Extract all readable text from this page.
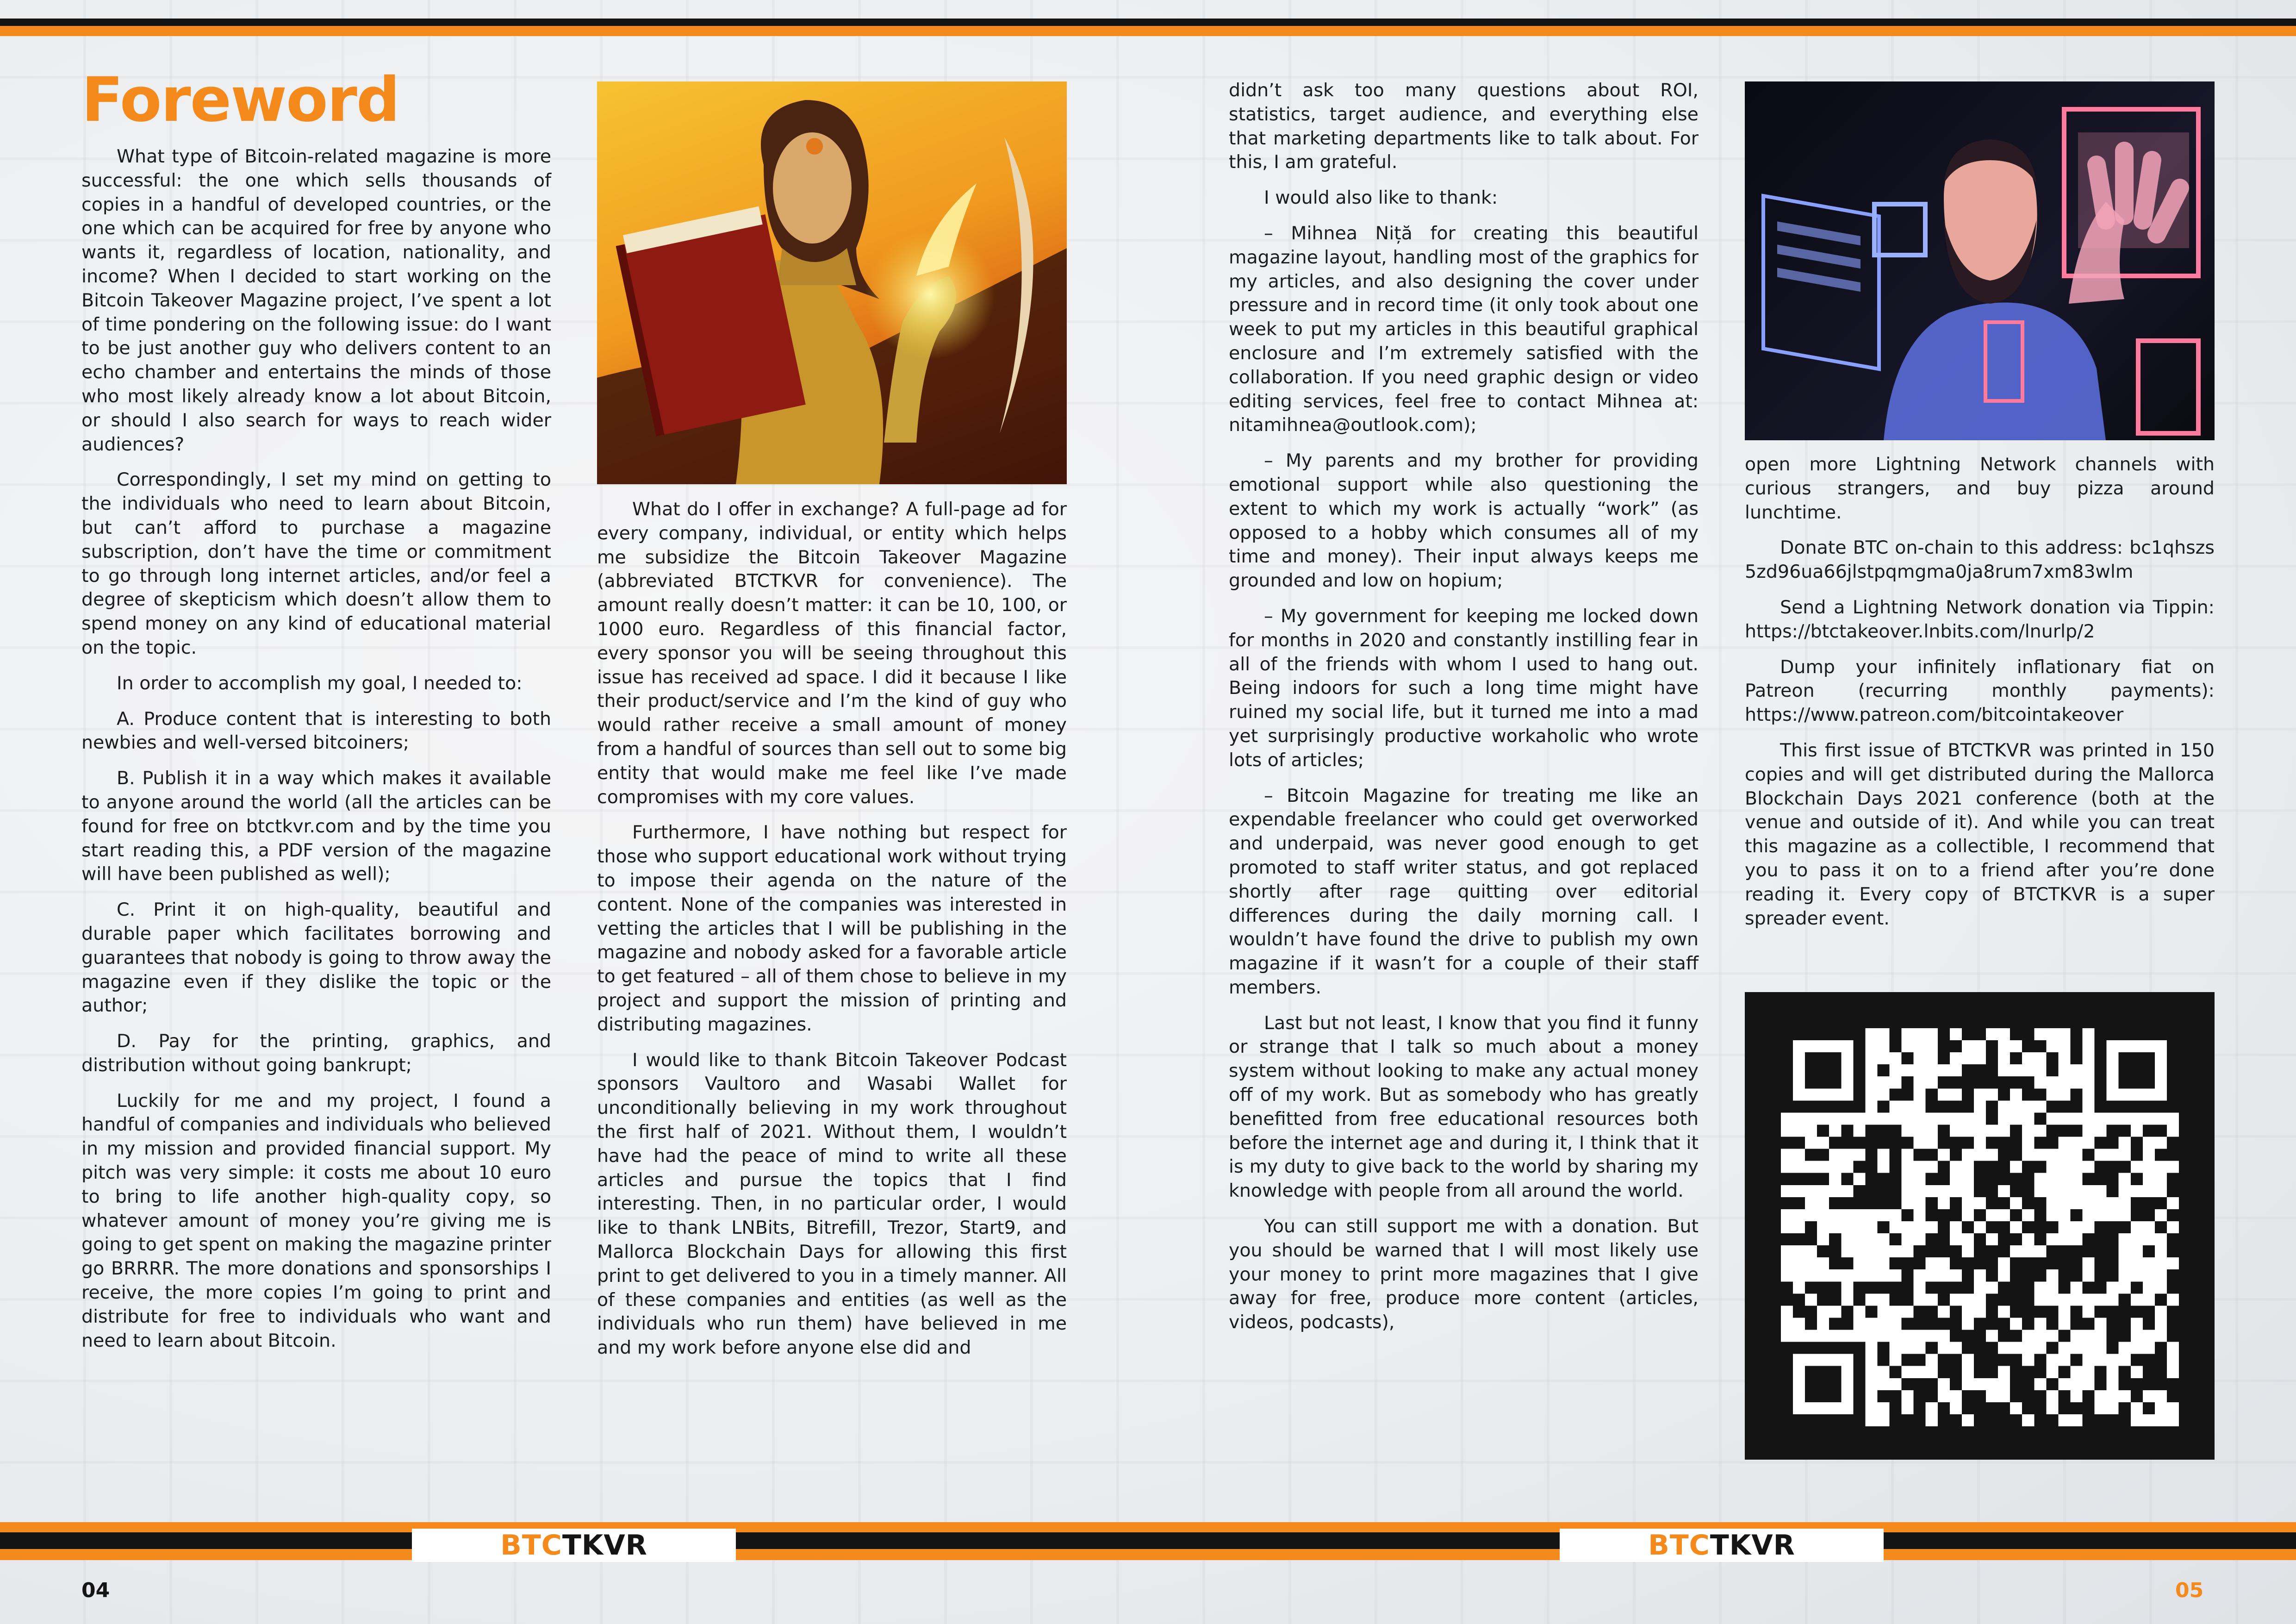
Foreword

What type of Bitcoin-related magazine is more successful: the one which sells thousands of copies in a handful of developed countries, or the one which can be acquired for free by anyone who wants it, regardless of location, nationality, and income? When I decided to start working on the Bitcoin Takeover Magazine project, I’ve spent a lot of time pondering on the following issue: do I want to be just another guy who delivers content to an echo chamber and entertains the minds of those who most likely already know a lot about Bitcoin, or should I also search for ways to reach wider audiences?

Correspondingly, I set my mind on getting to the individuals who need to learn about Bitcoin, but can’t afford to purchase a magazine subscription, don’t have the time or commitment to go through long internet articles, and/or feel a degree of skepticism which doesn’t allow them to spend money on any kind of educational material on the topic.

In order to accomplish my goal, I needed to:

A. Produce content that is interesting to both newbies and well-versed bitcoiners;

B. Publish it in a way which makes it available to anyone around the world (all the articles can be found for free on btctkvr.com and by the time you start reading this, a PDF version of the magazine will have been published as well);

C. Print it on high-quality, beautiful and durable paper which facilitates borrowing and guarantees that nobody is going to throw away the magazine even if they dislike the topic or the author;

D. Pay for the printing, graphics, and distribution without going bankrupt;

Luckily for me and my project, I found a handful of companies and individuals who believed in my mission and provided financial support. My pitch was very simple: it costs me about 10 euro to bring to life another high-quality copy, so whatever amount of money you’re giving me is going to get spent on making the magazine printer go BRRRR. The more donations and sponsorships I receive, the more copies I’m going to print and distribute for free to individuals who want and need to learn about Bitcoin.

What do I offer in exchange? A full-page ad for every company, individual, or entity which helps me subsidize the Bitcoin Takeover Magazine (abbreviated BTCTKVR for convenience). The amount really doesn’t matter: it can be 10, 100, or 1000 euro. Regardless of this financial factor, every sponsor you will be seeing throughout this issue has received ad space. I did it because I like their product/service and I’m the kind of guy who would rather receive a small amount of money from a handful of sources than sell out to some big entity that would make me feel like I’ve made compromises with my core values.

Furthermore, I have nothing but respect for those who support educational work without trying to impose their agenda on the nature of the content. None of the companies was interested in vetting the articles that I will be publishing in the magazine and nobody asked for a favorable article to get featured – all of them chose to believe in my project and support the mission of printing and distributing magazines.

I would like to thank Bitcoin Takeover Podcast sponsors Vaultoro and Wasabi Wallet for unconditionally believing in my work throughout the first half of 2021. Without them, I wouldn’t have had the peace of mind to write all these articles and pursue the topics that I find interesting. Then, in no particular order, I would like to thank LNBits, Bitrefill, Trezor, Start9, and Mallorca Blockchain Days for allowing this first print to get delivered to you in a timely manner. All of these companies and entities (as well as the individuals who run them) have believed in me and my work before anyone else did and

didn’t ask too many questions about ROI, statistics, target audience, and everything else that marketing departments like to talk about. For this, I am grateful.

I would also like to thank:

– Mihnea Niță for creating this beautiful magazine layout, handling most of the graphics for my articles, and also designing the cover under pressure and in record time (it only took about one week to put my articles in this beautiful graphical enclosure and I’m extremely satisfied with the collaboration. If you need graphic design or video editing services, feel free to contact Mihnea at: nitamihnea@outlook.com);

– My parents and my brother for providing emotional support while also questioning the extent to which my work is actually “work” (as opposed to a hobby which consumes all of my time and money). Their input always keeps me grounded and low on hopium;

– My government for keeping me locked down for months in 2020 and constantly instilling fear in all of the friends with whom I used to hang out. Being indoors for such a long time might have ruined my social life, but it turned me into a mad yet surprisingly productive workaholic who wrote lots of articles;

– Bitcoin Magazine for treating me like an expendable freelancer who could get overworked and underpaid, was never good enough to get promoted to staff writer status, and got replaced shortly after rage quitting over editorial differences during the daily morning call. I wouldn’t have found the drive to publish my own magazine if it wasn’t for a couple of their staff members.

Last but not least, I know that you find it funny or strange that I talk so much about a money system without looking to make any actual money off of my work. But as somebody who has greatly benefitted from free educational resources both before the internet age and during it, I think that it is my duty to give back to the world by sharing my knowledge with people from all around the world.

You can still support me with a donation. But you should be warned that I will most likely use your money to print more magazines that I give away for free, produce more content (articles, videos, podcasts),

open more Lightning Network channels with curious strangers, and buy pizza around lunchtime.

Donate BTC on-chain to this address: bc1qhszs5zd96ua66jlstpqmgma0ja8rum7xm83wlm

Send a Lightning Network donation via Tippin:https://btctakeover.lnbits.com/lnurlp/2

Dump your infinitely inflationary fiat on Patreon (recurring monthly payments): https://www.patreon.com/bitcointakeover

This first issue of BTCTKVR was printed in 150 copies and will get distributed during the Mallorca Blockchain Days 2021 conference (both at the venue and outside of it). And while you can treat this magazine as a collectible, I recommend that you to pass it on to a friend after you’re done reading it. Every copy of BTCTKVR is a super spreader event.

BTC TKVR	BTC TKVR
04	05
